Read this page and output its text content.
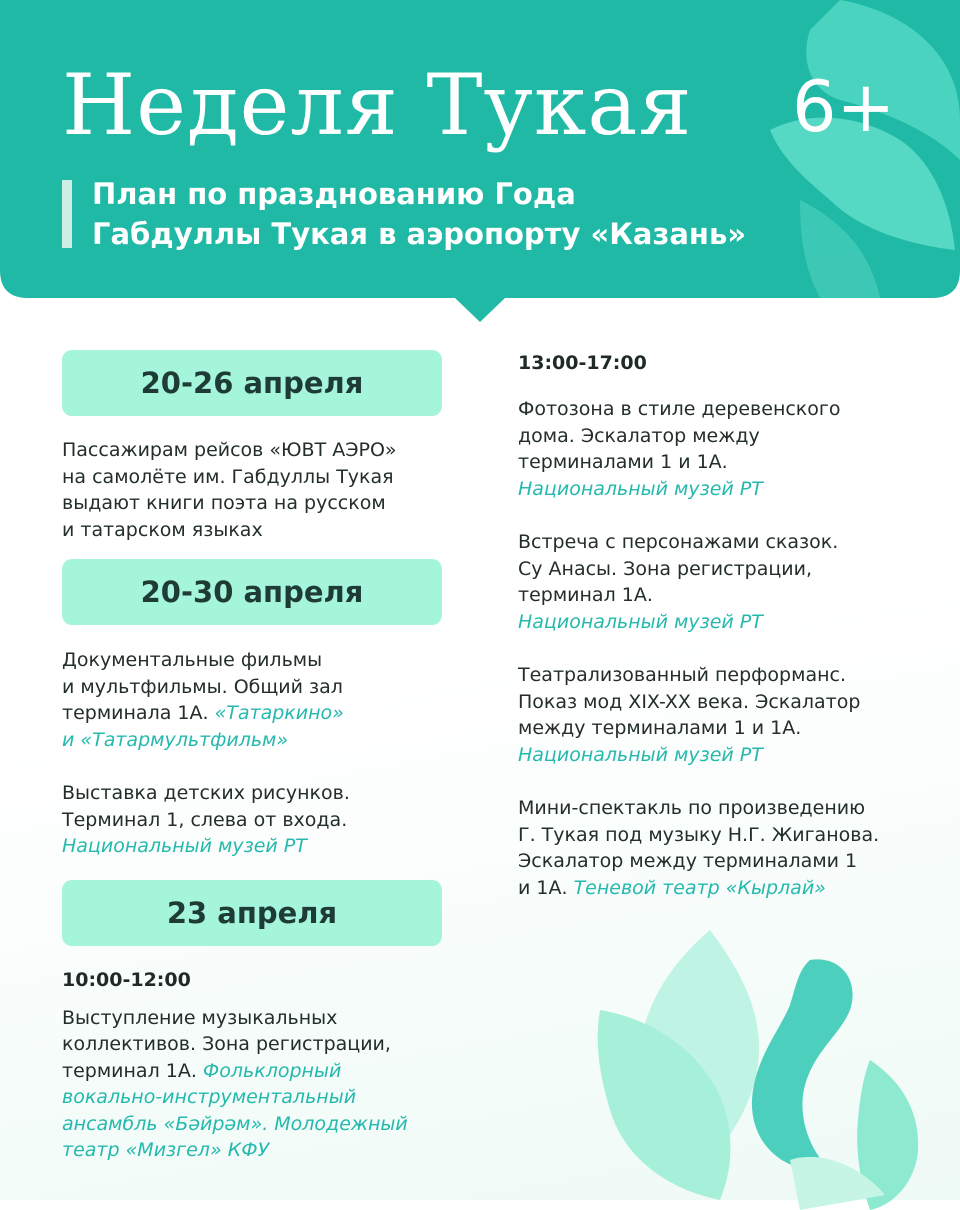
Неделя Тукая 6+
План по празднованию Года
Габдуллы Тукая в аэропорту «Казань»
20-26 апреля
Пассажирам рейсов «ЮВТ АЭРО»
на самолёте им. Габдуллы Тукая
выдают книги поэта на русском
и татарском языках
20-30 апреля
Документальные фильмы
и мультфильмы. Общий зал
терминала 1А. «Татаркино»
и «Татармультфильм»
Выставка детских рисунков.
Терминал 1, слева от входа.
Национальный музей РТ
23 апреля
10:00-12:00
Выступление музыкальных
коллективов. Зона регистрации,
терминал 1А. Фольклорный
вокально-инструментальный
ансамбль «Бәйрәм». Молодежный
театр «Мизгел» КФУ
13:00-17:00
Фотозона в стиле деревенского
дома. Эскалатор между
терминалами 1 и 1А.
Национальный музей РТ
Встреча с персонажами сказок.
Су Анасы. Зона регистрации,
терминал 1А.
Национальный музей РТ
Театрализованный перформанс.
Показ мод XIX-XX века. Эскалатор
между терминалами 1 и 1А.
Национальный музей РТ
Мини-спектакль по произведению
Г. Тукая под музыку Н.Г. Жиганова.
Эскалатор между терминалами 1
и 1А. Теневой театр «Кырлай»
